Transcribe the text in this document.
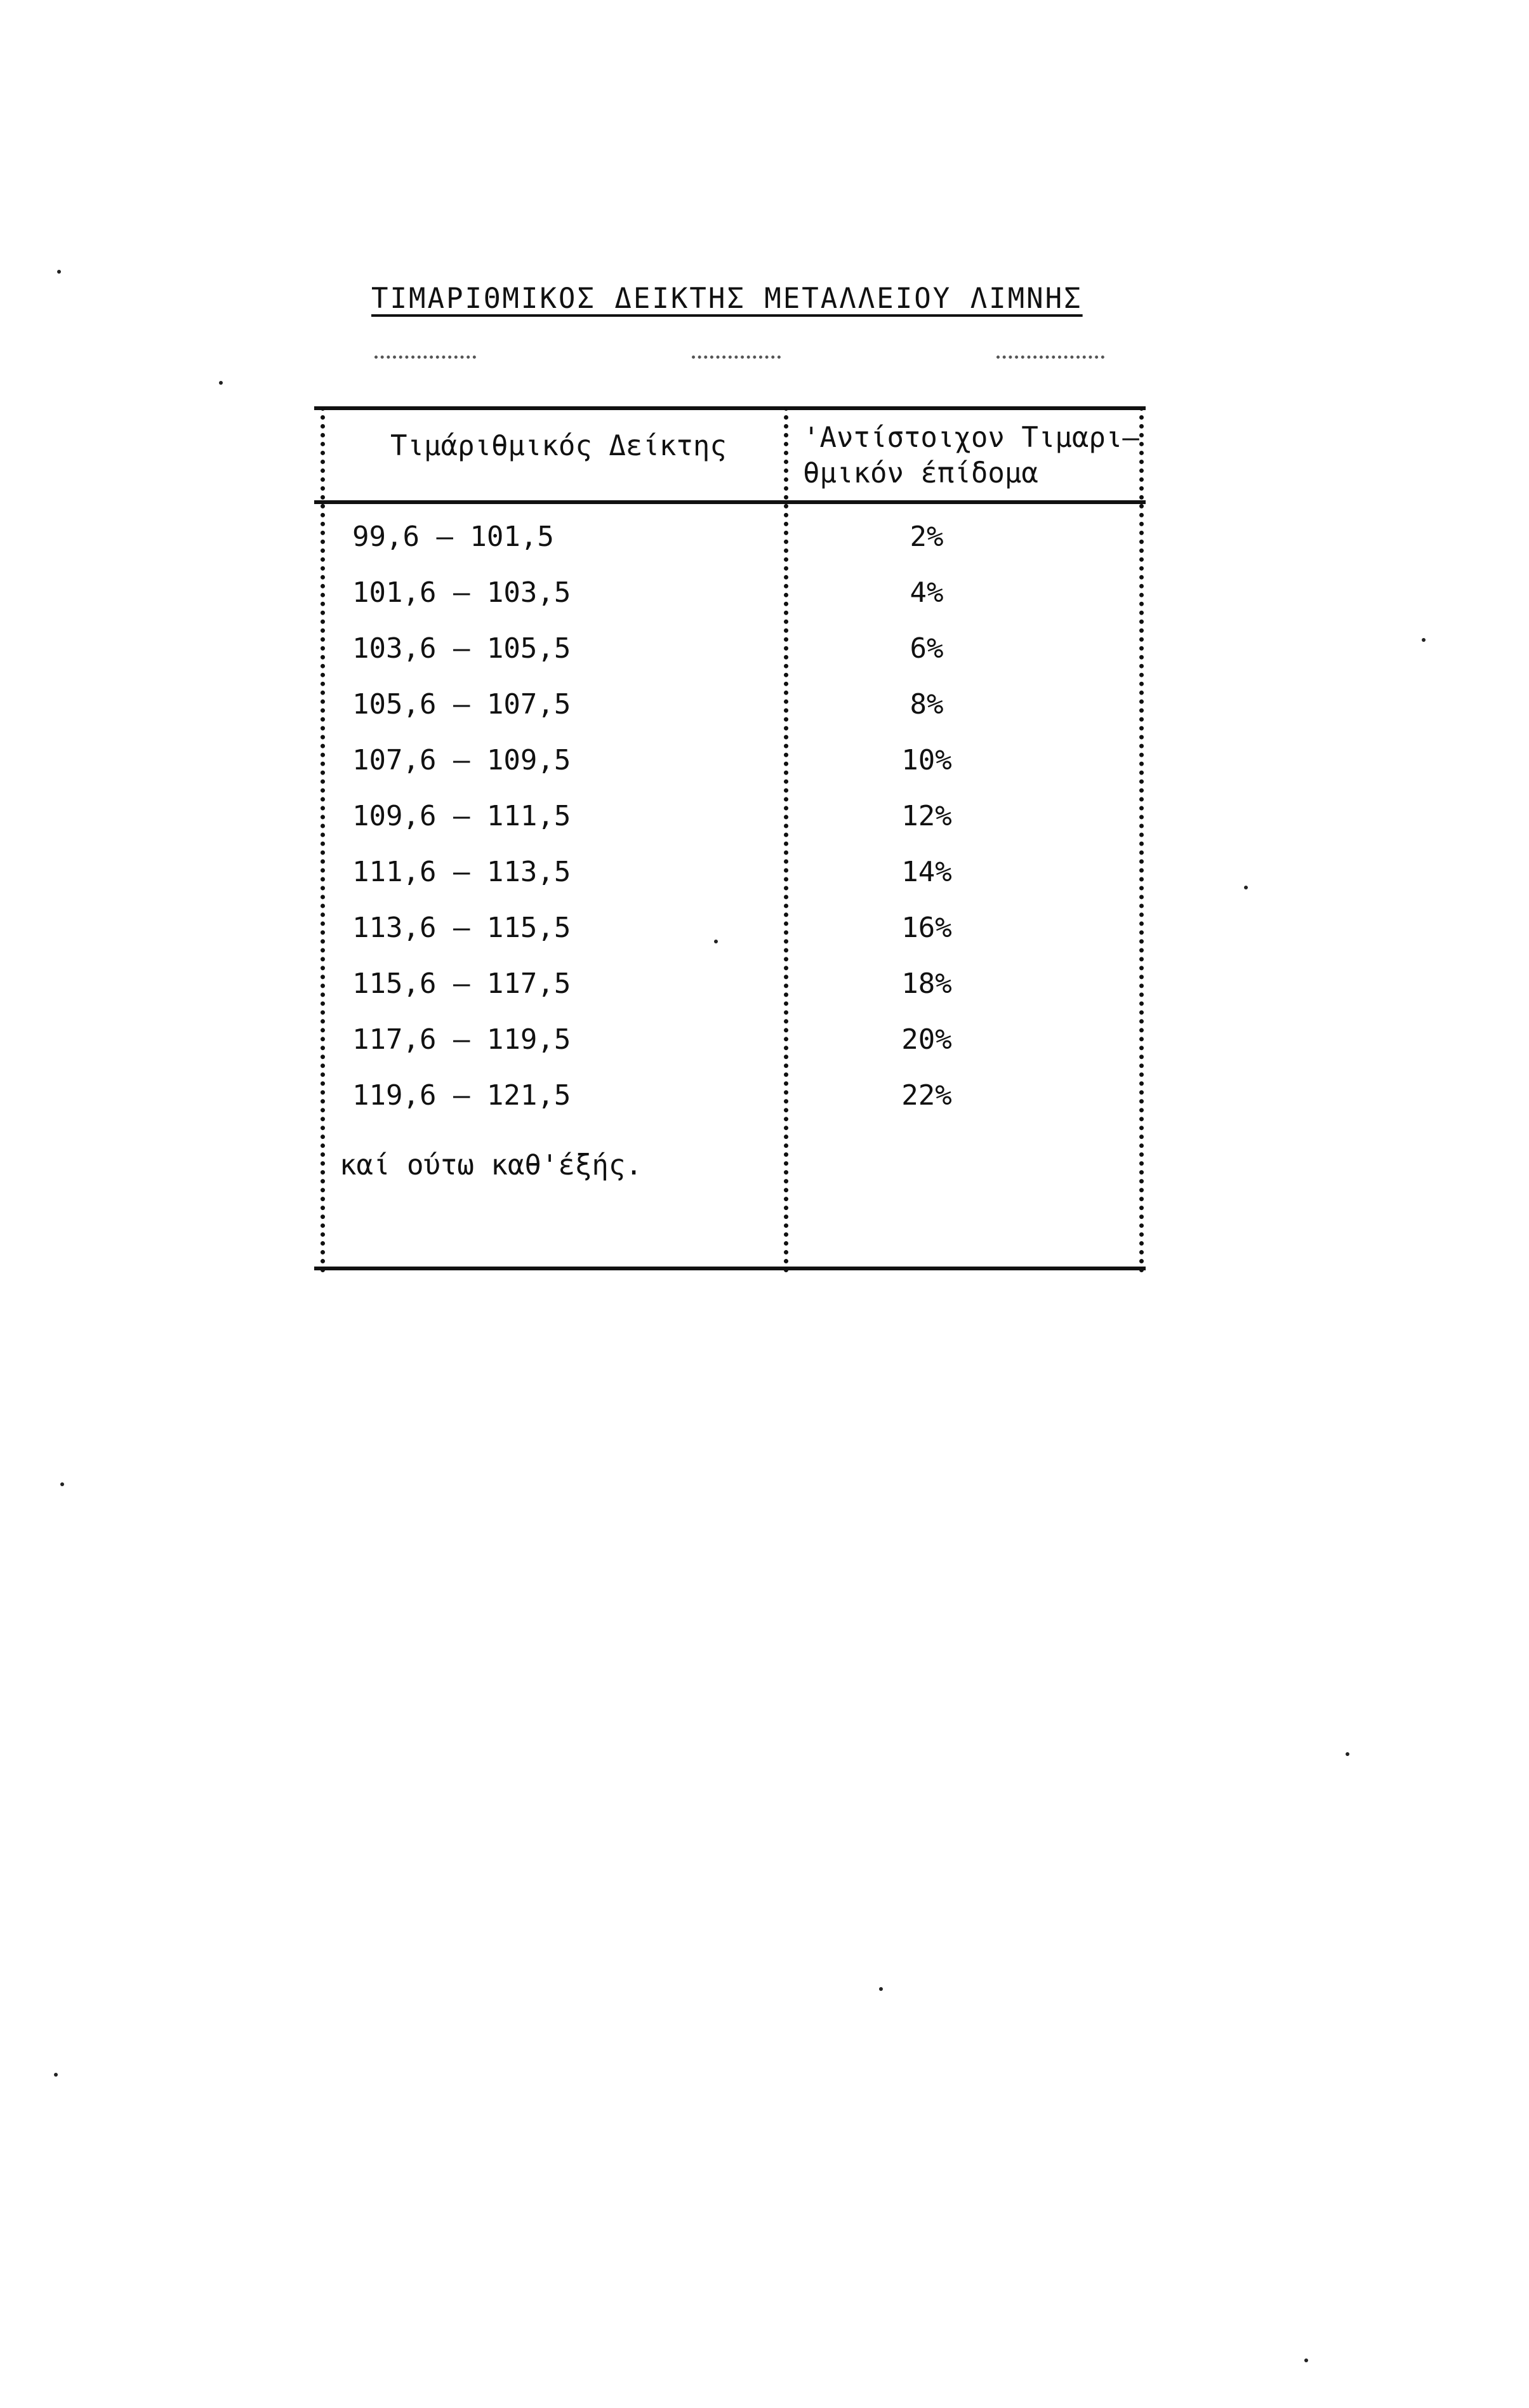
ΤΙΜΑΡΙΘΜΙΚΟΣ ΔΕΙΚΤΗΣ ΜΕΤΑΛΛΕΙΟΥ ΛΙΜΝΗΣ
Τιμάριθμικός Δείκτης	'Αντίστοιχον Τιμαρι–
θμικόν έπίδομα
99,6 – 101,5	2%
101,6 – 103,5	4%
103,6 – 105,5	6%
105,6 – 107,5	8%
107,6 – 109,5	10%
109,6 – 111,5	12%
111,6 – 113,5	14%
113,6 – 115,5	16%
115,6 – 117,5	18%
117,6 – 119,5	20%
119,6 – 121,5	22%
καί ούτω καθ'έξής.
